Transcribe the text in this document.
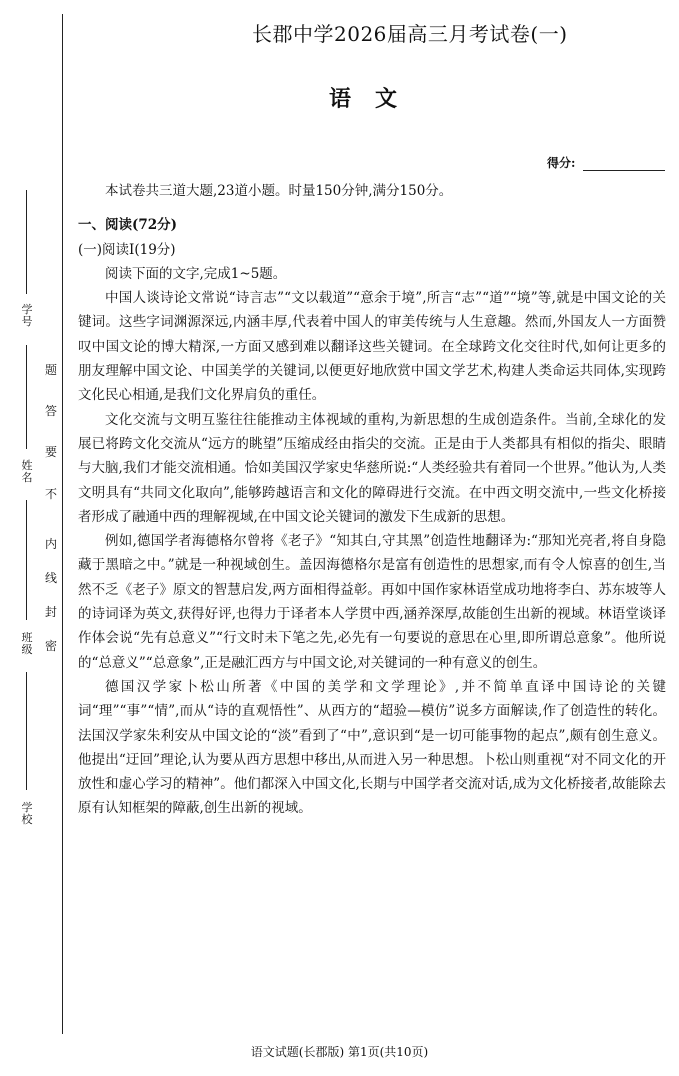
学号
姓名
班级
学校
密
封
线
内
不
要
答
题
长郡中学2026届高三月考试卷(一)
语文
得分:

本试卷共三道大题,23道小题。时量150分钟,满分150分。

一、阅读(72分)

(一)阅读Ⅰ(19分)

阅读下面的文字,完成1~5题。

中国人谈诗论文常说“诗言志”“文以载道”“意余于境”,所言“志”“道”“境”等,就是中国文论的关键词。这些字词渊源深远,内涵丰厚,代表着中国人的审美传统与人生意趣。然而,外国友人一方面赞叹中国文论的博大精深,一方面又感到难以翻译这些关键词。在全球跨文化交往时代,如何让更多的朋友理解中国文论、中国美学的关键词,以便更好地欣赏中国文学艺术,构建人类命运共同体,实现跨文化民心相通,是我们文化界肩负的重任。

文化交流与文明互鉴往往能推动主体视域的重构,为新思想的生成创造条件。当前,全球化的发展已将跨文化交流从“远方的眺望”压缩成经由指尖的交流。正是由于人类都具有相似的指尖、眼睛与大脑,我们才能交流相通。恰如美国汉学家史华慈所说:“人类经验共有着同一个世界。”他认为,人类文明具有“共同文化取向”,能够跨越语言和文化的障碍进行交流。在中西文明交流中,一些文化桥接者形成了融通中西的理解视域,在中国文论关键词的激发下生成新的思想。

例如,德国学者海德格尔曾将《老子》“知其白,守其黑”创造性地翻译为:“那知光亮者,将自身隐藏于黑暗之中。”就是一种视域创生。盖因海德格尔是富有创造性的思想家,而有令人惊喜的创生,当然不乏《老子》原文的智慧启发,两方面相得益彰。再如中国作家林语堂成功地将李白、苏东坡等人的诗词译为英文,获得好评,也得力于译者本人学贯中西,涵养深厚,故能创生出新的视域。林语堂谈译作体会说“先有总意义”“行文时未下笔之先,必先有一句要说的意思在心里,即所谓总意象”。他所说的“总意义”“总意象”,正是融汇西方与中国文论,对关键词的一种有意义的创生。

德国汉学家卜松山所著《中国的美学和文学理论》,并不简单直译中国诗论的关键词“理”“事”“情”,而从“诗的直观悟性”、从西方的“超验—模仿”说多方面解读,作了创造性的转化。法国汉学家朱利安从中国文论的“淡”看到了“中”,意识到“是一切可能事物的起点”,颇有创生意义。他提出“迂回”理论,认为要从西方思想中移出,从而进入另一种思想。卜松山则重视“对不同文化的开放性和虚心学习的精神”。他们都深入中国文化,长期与中国学者交流对话,成为文化桥接者,故能除去原有认知框架的障蔽,创生出新的视域。

语文试题(长郡版) 第1页(共10页)
